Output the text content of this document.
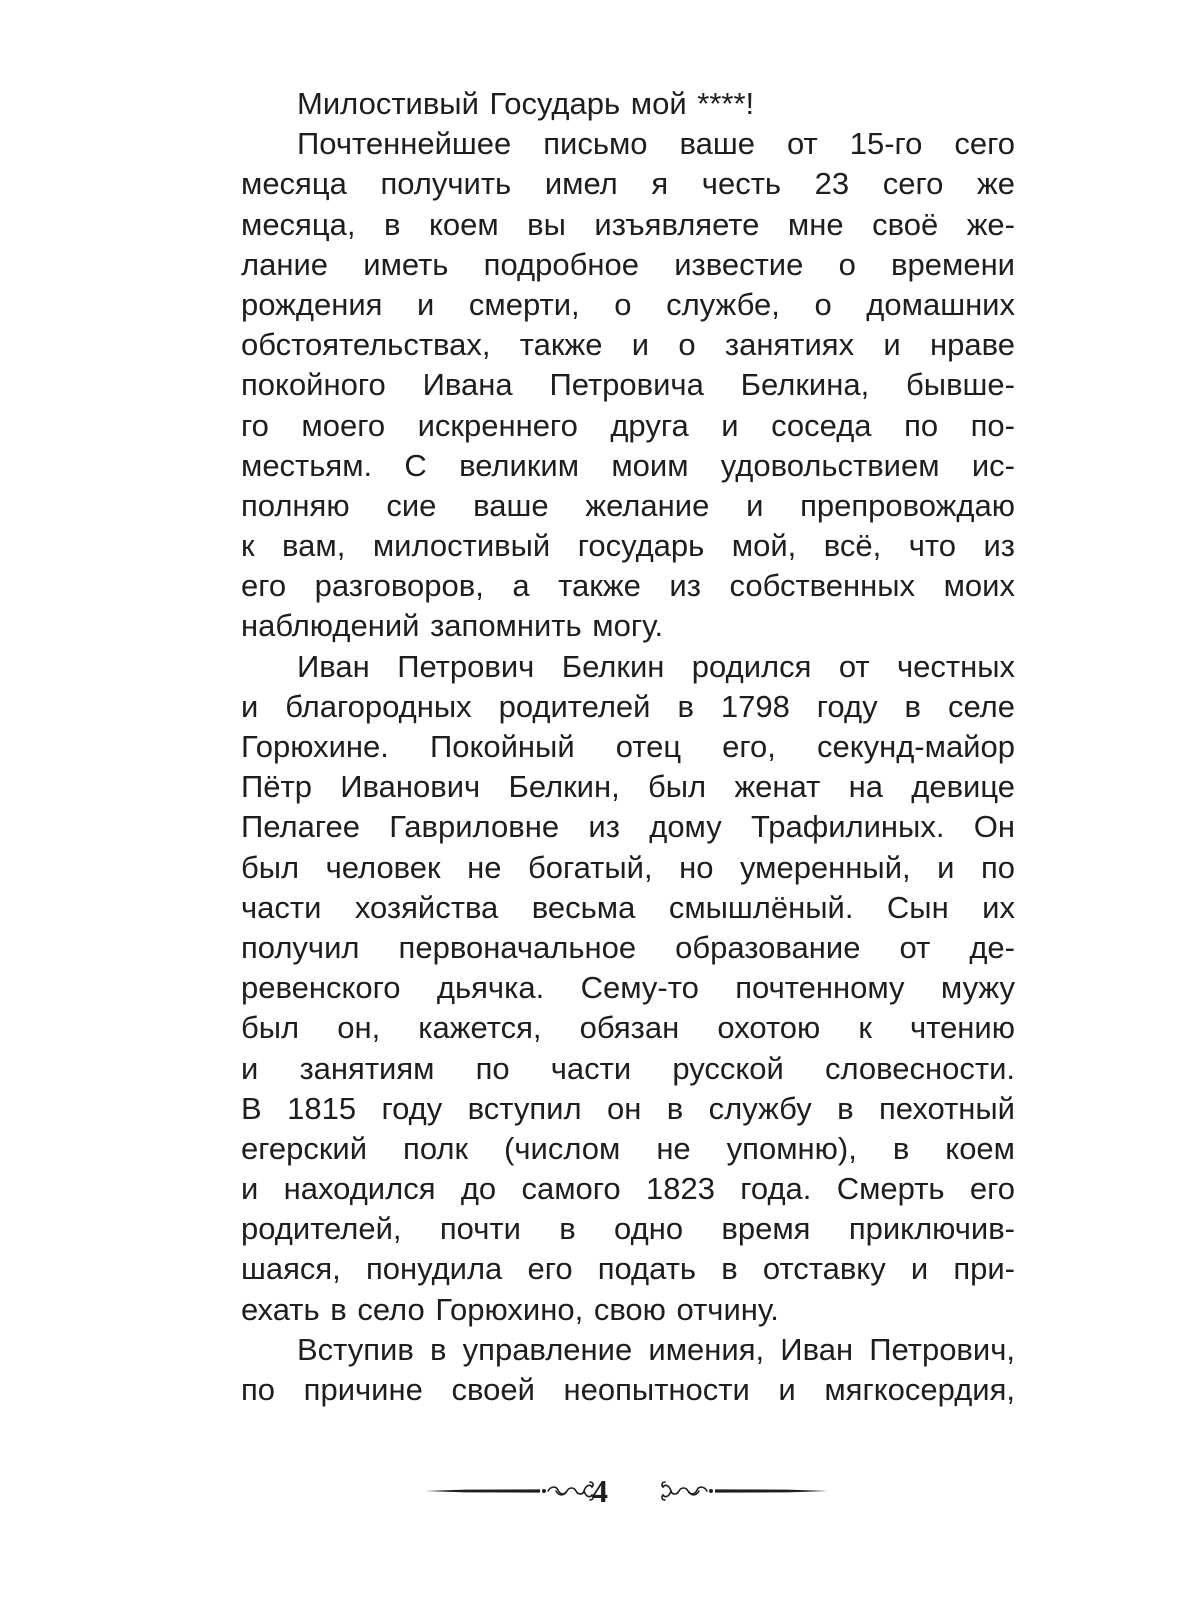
Милостивый Государь мой ****!
Почтеннейшее письмо ваше от 15-го сего
месяца получить имел я честь 23 сего же
месяца, в коем вы изъявляете мне своё же-
лание иметь подробное известие о времени
рождения и смерти, о службе, о домашних
обстоятельствах, также и о занятиях и нраве
покойного Ивана Петровича Белкина, бывше-
го моего искреннего друга и соседа по по-
местьям. С великим моим удовольствием ис-
полняю сие ваше желание и препровождаю
к вам, милостивый государь мой, всё, что из
его разговоров, а также из собственных моих
наблюдений запомнить могу.
Иван Петрович Белкин родился от честных
и благородных родителей в 1798 году в селе
Горюхине. Покойный отец его, секунд-майор
Пётр Иванович Белкин, был женат на девице
Пелагее Гавриловне из дому Трафилиных. Он
был человек не богатый, но умеренный, и по
части хозяйства весьма смышлёный. Сын их
получил первоначальное образование от де-
ревенского дьячка. Сему-то почтенному мужу
был он, кажется, обязан охотою к чтению
и занятиям по части русской словесности.
В 1815 году вступил он в службу в пехотный
егерский полк (числом не упомню), в коем
и находился до самого 1823 года. Смерть его
родителей, почти в одно время приключив-
шаяся, понудила его подать в отставку и при-
ехать в село Горюхино, свою отчину.
Вступив в управление имения, Иван Петрович,
по причине своей неопытности и мягкосердия,
4
